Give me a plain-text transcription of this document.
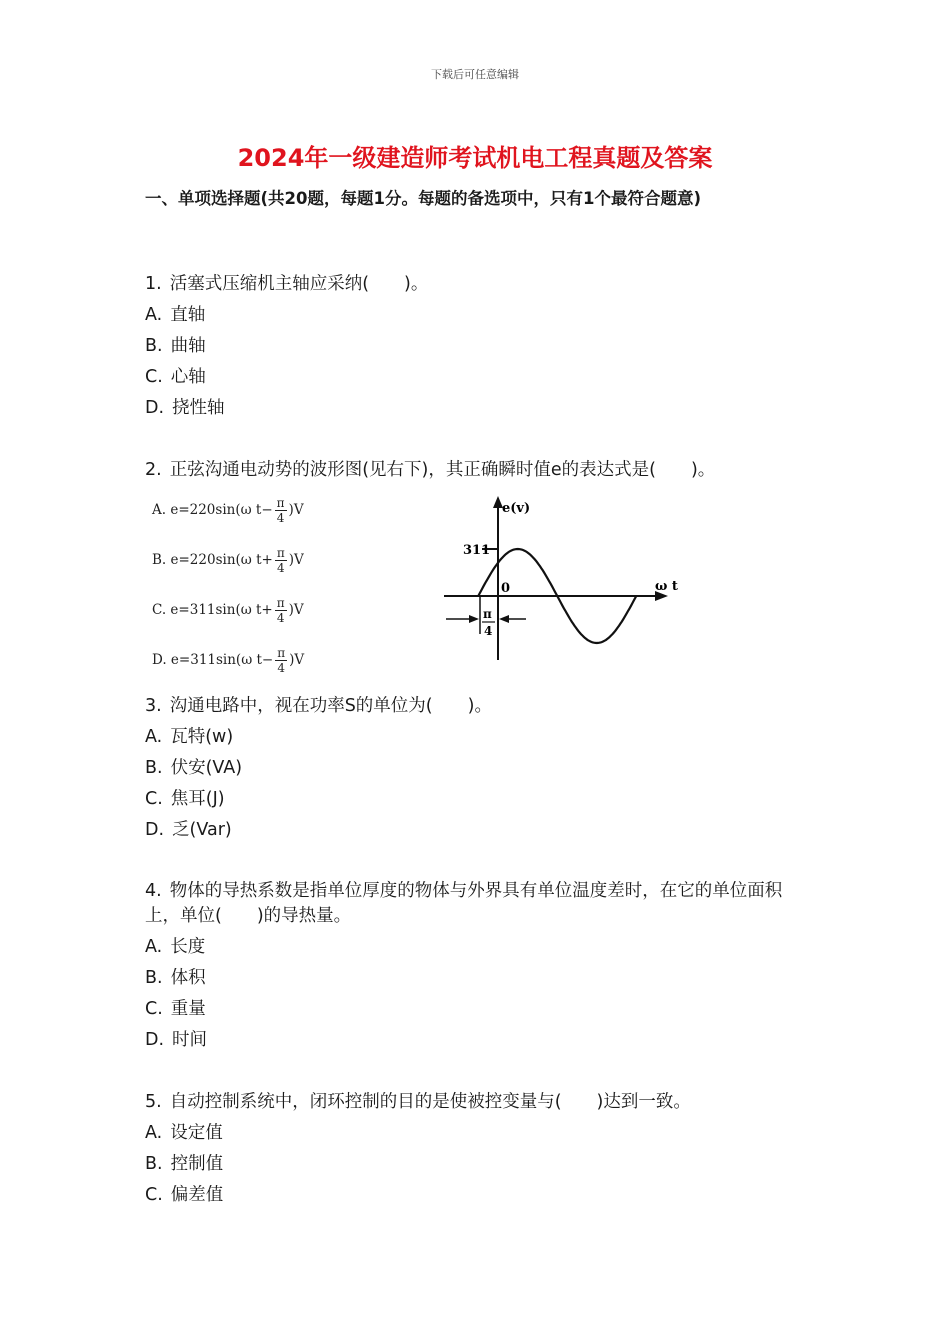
下载后可任意编辑
2024年一级建造师考试机电工程真题及答案
一、单项选择题(共20题，每题1分。每题的备选项中，只有1个最符合题意)
1. 活塞式压缩机主轴应采纳(　　)。
A. 直轴
B. 曲轴
C. 心轴
D. 挠性轴
2. 正弦沟通电动势的波形图(见右下)，其正确瞬时值e的表达式是(　　)。
A. e=220sin(ω $t- \frac{\pi}{4} )V$
B. e=220sin(ω $t+ \frac{\pi}{4} )V$
C. e=311sin(ω $t+ \frac{\pi}{4} )V$
D. e=311sin(ω $t- \frac{\pi}{4} )V$
e(v)
ω t
311
0
π
4
3. 沟通电路中，视在功率S的单位为(　　)。
A. 瓦特(w)
B. 伏安(VA)
C. 焦耳(J)
D. 乏(Var)
4. 物体的导热系数是指单位厚度的物体与外界具有单位温度差时，在它的单位面积上，单位(　　)的导热量。
A. 长度
B. 体积
C. 重量
D. 时间
5. 自动控制系统中，闭环控制的目的是使被控变量与(　　)达到一致。
A. 设定值
B. 控制值
C. 偏差值
